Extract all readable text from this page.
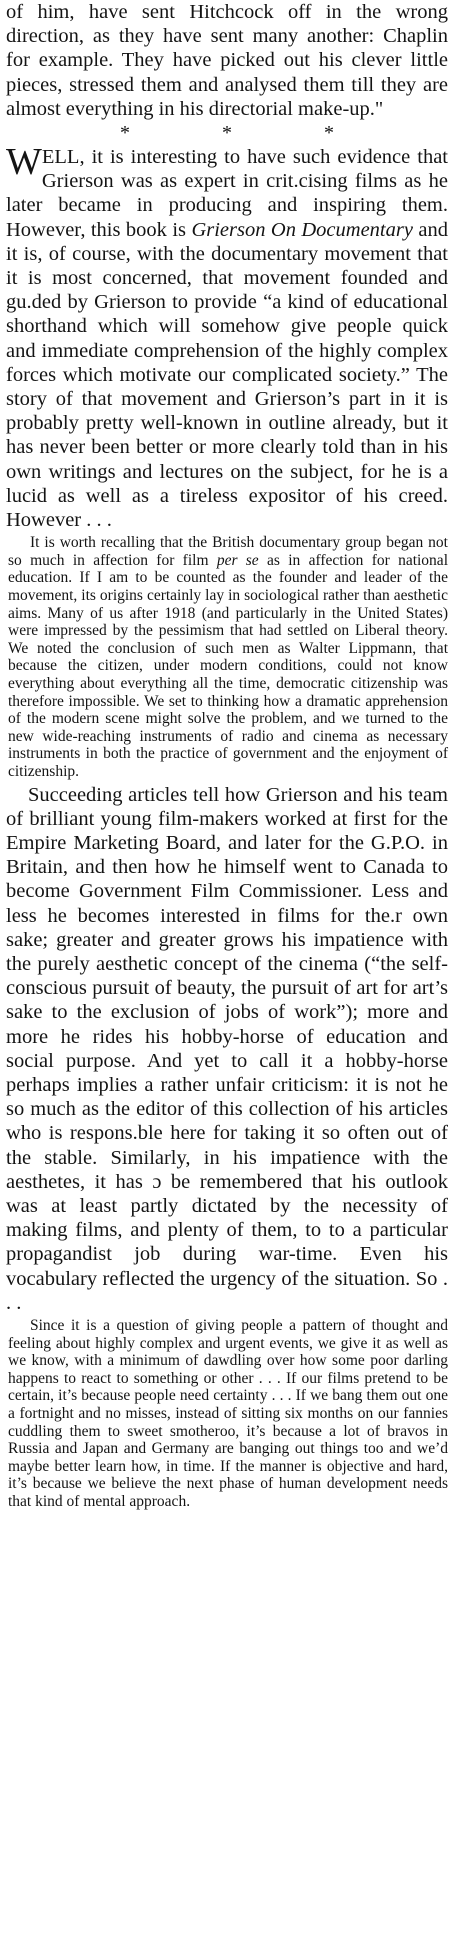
of him, have sent Hitchcock off in the wrong direction, as they have sent many another: Chaplin for example. They have picked out his clever little pieces, stressed them and analysed them till they are almost everything in his directorial make-up."

*	*	*

WELL, it is interesting to have such evidence that Grierson was as expert in crit.cising films as he later became in producing and inspiring them. However, this book is Grierson On Documentary and it is, of course, with the documentary movement that it is most concerned, that movement founded and gu.ded by Grierson to provide “a kind of educational shorthand which will somehow give people quick and immediate comprehension of the highly complex forces which motivate our complicated society.” The story of that movement and Grierson’s part in it is probably pretty well-known in outline already, but it has never been better or more clearly told than in his own writings and lectures on the subject, for he is a lucid as well as a tireless expositor of his creed. However . . .

It is worth recalling that the British documentary group began not so much in affection for film per se as in affection for national education. If I am to be counted as the founder and leader of the movement, its origins certainly lay in sociological rather than aesthetic aims. Many of us after 1918 (and particularly in the United States) were impressed by the pessimism that had settled on Liberal theory. We noted the conclusion of such men as Walter Lippmann, that because the citizen, under modern conditions, could not know everything about everything all the time, democratic citizenship was therefore impossible. We set to thinking how a dramatic apprehension of the modern scene might solve the problem, and we turned to the new wide-reaching instruments of radio and cinema as necessary instruments in both the practice of government and the enjoyment of citizenship.

Succeeding articles tell how Grierson and his team of brilliant young film-makers worked at first for the Empire Marketing Board, and later for the G.P.O. in Britain, and then how he himself went to Canada to become Government Film Commissioner. Less and less he becomes interested in films for the.r own sake; greater and greater grows his impatience with the purely aesthetic concept of the cinema (“the self-conscious pursuit of beauty, the pursuit of art for art’s sake to the exclusion of jobs of work”); more and more he rides his hobby-horse of education and social purpose. And yet to call it a hobby-horse perhaps implies a rather unfair criticism: it is not he so much as the editor of this collection of his articles who is respons.ble here for taking it so often out of the stable. Similarly, in his impatience with the aesthetes, it has ɔ be remembered that his outlook was at least partly dictated by the necessity of making films, and plenty of them, to to a particular propagandist job during war-time. Even his vocabulary reflected the urgency of the situation. So . . .

Since it is a question of giving people a pattern of thought and feeling about highly complex and urgent events, we give it as well as we know, with a minimum of dawdling over how some poor darling happens to react to something or other . . . If our films pretend to be certain, it’s because people need certainty . . . If we bang them out one a fortnight and no misses, instead of sitting six months on our fannies cuddling them to sweet smotheroo, it’s because a lot of bravos in Russia and Japan and Germany are banging out things too and we’d maybe better learn how, in time. If the manner is objective and hard, it’s because we believe the next phase of human development needs that kind of mental approach.
